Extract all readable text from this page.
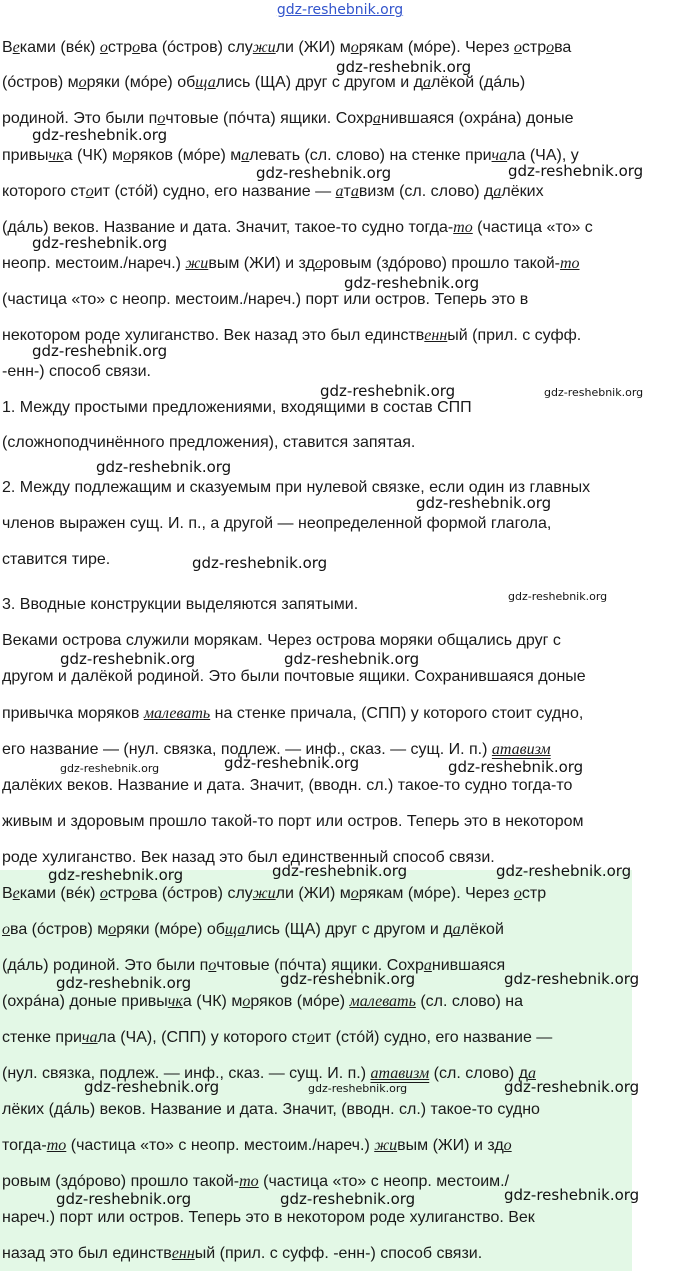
gdz-reshebnik.org
Веками (вéк) острова (óстров) служили (ЖИ) морякам (мóре). Через острова
(óстров) моряки (мóре) общались (ЩА) друг с другом и далёкой (дáль)
родиной. Это были почтовые (пóчта) ящики. Сохранившаяся (охрáна) доные
привычка (ЧК) моряков (мóре) малевать (сл. слово) на стенке причала (ЧА), у
которого стоит (стóй) судно, его название — атавизм (сл. слово) далёких
(дáль) веков. Название и дата. Значит, такое-то судно тогда-то (частица «то» с
неопр. местоим./нареч.) живым (ЖИ) и здоровым (здóрово) прошло такой-то
(частица «то» с неопр. местоим./нареч.) порт или остров. Теперь это в
некотором роде хулиганство. Век назад это был единственный (прил. с суфф.
-енн-) способ связи.
1. Между простыми предложениями, входящими в состав СПП
(сложноподчинённого предложения), ставится запятая.
2. Между подлежащим и сказуемым при нулевой связке, если один из главных
членов выражен сущ. И. п., а другой — неопределенной формой глагола,
ставится тире.
3. Вводные конструкции выделяются запятыми.
Веками острова служили морякам. Через острова моряки общались друг с
другом и далёкой родиной. Это были почтовые ящики. Сохранившаяся доные
привычка моряков малевать на стенке причала, (СПП) у которого стоит судно,
его название — (нул. связка, подлеж. — инф., сказ. — сущ. И. п.) атавизм
далёких веков. Название и дата. Значит, (вводн. сл.) такое-то судно тогда-то
живым и здоровым прошло такой-то порт или остров. Теперь это в некотором
роде хулиганство. Век назад это был единственный способ связи.
Веками (вéк) острова (óстров) служили (ЖИ) морякам (мóре). Через остр
ова (óстров) моряки (мóре) общались (ЩА) друг с другом и далёкой
(дáль) родиной. Это были почтовые (пóчта) ящики. Сохранившаяся
(охрáна) доные привычка (ЧК) моряков (мóре) малевать (сл. слово) на
стенке причала (ЧА), (СПП) у которого стоит (стóй) судно, его название —
(нул. связка, подлеж. — инф., сказ. — сущ. И. п.) атавизм (сл. слово) да
лёких (дáль) веков. Название и дата. Значит, (вводн. сл.) такое-то судно
тогда-то (частица «то» с неопр. местоим./нареч.) живым (ЖИ) и здо
ровым (здóрово) прошло такой-то (частица «то» с неопр. местоим./
нареч.) порт или остров. Теперь это в некотором роде хулиганство. Век
назад это был единственный (прил. с суфф. -енн-) способ связи.
gdz-reshebnik.org
gdz-reshebnik.org
gdz-reshebnik.org	gdz-reshebnik.org
gdz-reshebnik.org
gdz-reshebnik.org
gdz-reshebnik.org
gdz-reshebnik.org	gdz-reshebnik.org
gdz-reshebnik.org
gdz-reshebnik.org
gdz-reshebnik.org
gdz-reshebnik.org
gdz-reshebnik.org	gdz-reshebnik.org
gdz-reshebnik.org	gdz-reshebnik.org
gdz-reshebnik.org
gdz-reshebnik.org	gdz-reshebnik.org	gdz-reshebnik.org
gdz-reshebnik.org	gdz-reshebnik.org	gdz-reshebnik.org
gdz-reshebnik.org	gdz-reshebnik.org	gdz-reshebnik.org
gdz-reshebnik.org	gdz-reshebnik.org	gdz-reshebnik.org
